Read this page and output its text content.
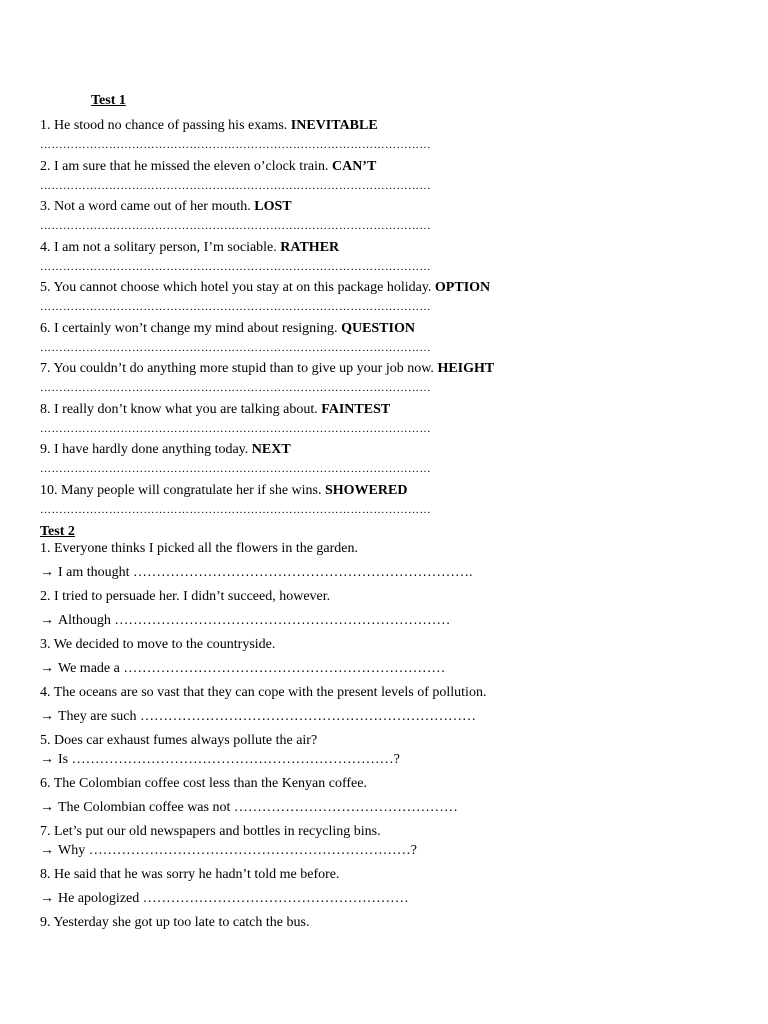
Test 1
1. He stood no chance of passing his exams. INEVITABLE
…………………………………………………………………………………………
2. I am sure that he missed the eleven o’clock train. CAN’T
…………………………………………………………………………………………
3. Not a word came out of her mouth. LOST
…………………………………………………………………………………………
4. I am not a solitary person, I’m sociable. RATHER
…………………………………………………………………………………………
5. You cannot choose which hotel you stay at on this package holiday. OPTION
…………………………………………………………………………………………
6. I certainly won’t change my mind about resigning. QUESTION
…………………………………………………………………………………………
7. You couldn’t do anything more stupid than to give up your job now. HEIGHT
…………………………………………………………………………………………
8. I really don’t know what you are talking about. FAINTEST
…………………………………………………………………………………………
9. I have hardly done anything today. NEXT
…………………………………………………………………………………………
10. Many people will congratulate her if she wins. SHOWERED
…………………………………………………………………………………………
Test 2
1. Everyone thinks I picked all the flowers in the garden.
→ I am thought ……………………………………………………………….
2. I tried to persuade her. I didn’t succeed, however.
→ Although ………………………………………………………………
3. We decided to move to the countryside.
→ We made a ……………………………………………………………
4. The oceans are so vast that they can cope with the present levels of pollution.
→ They are such ………………………………………………………………
5. Does car exhaust fumes always pollute the air?
→ Is ……………………………………………………………?
6. The Colombian coffee cost less than the Kenyan coffee.
→ The Colombian coffee was not …………………………………………
7. Let’s put our old newspapers and bottles in recycling bins.
→ Why ……………………………………………………………?
8. He said that he was sorry he hadn’t told me before.
→ He apologized …………………………………………………
9. Yesterday she got up too late to catch the bus.
